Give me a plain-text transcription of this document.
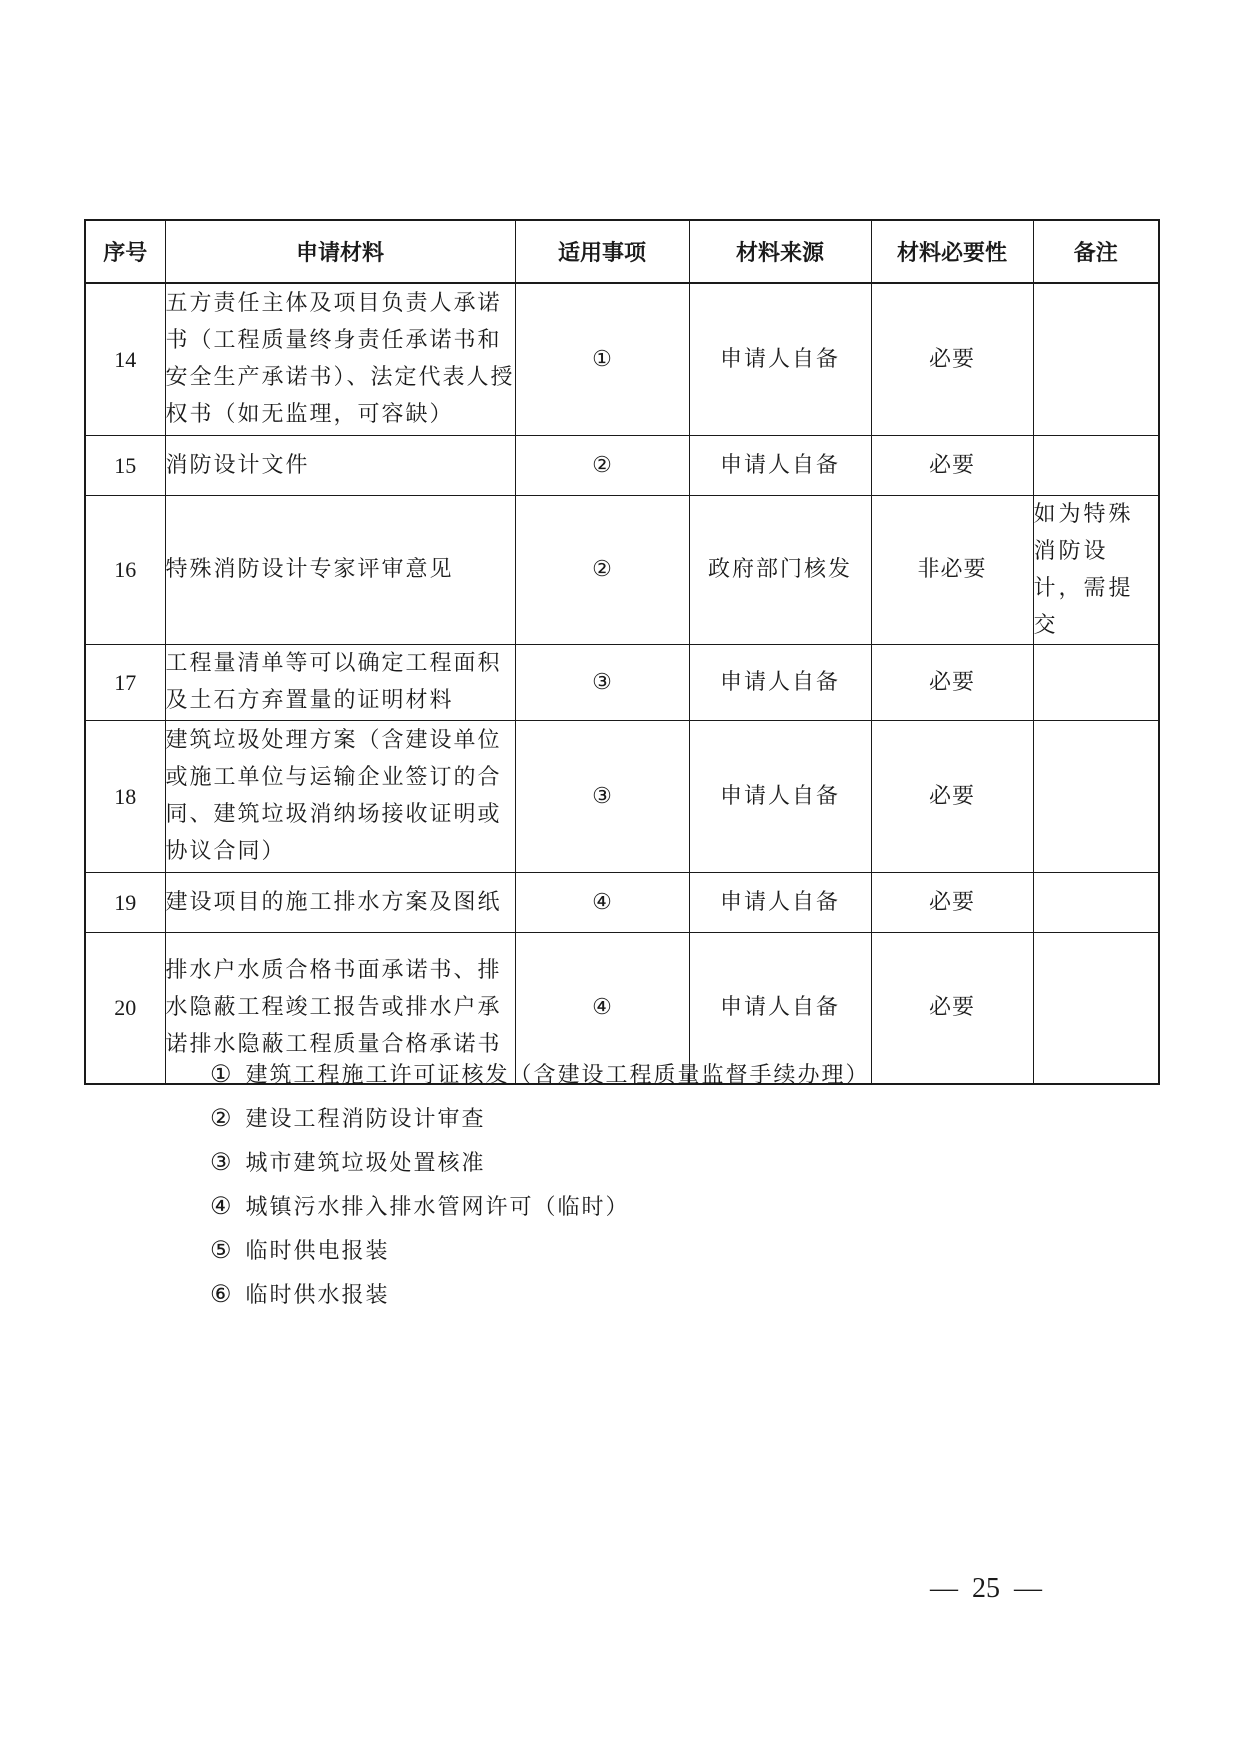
序号	申请材料	适用事项	材料来源	材料必要性	备注
14	五方责任主体及项目负责人承诺书（工程质量终身责任承诺书和安全生产承诺书）、法定代表人授权书（如无监理，可容缺）	①	申请人自备	必要	
15	消防设计文件	②	申请人自备	必要	
16	特殊消防设计专家评审意见	②	政府部门核发	非必要	如为特殊消防设计，需提交
17	工程量清单等可以确定工程面积及土石方弃置量的证明材料	③	申请人自备	必要	
18	建筑垃圾处理方案（含建设单位或施工单位与运输企业签订的合同、建筑垃圾消纳场接收证明或协议合同）	③	申请人自备	必要	
19	建设项目的施工排水方案及图纸	④	申请人自备	必要	
20	排水户水质合格书面承诺书、排水隐蔽工程竣工报告或排水户承诺排水隐蔽工程质量合格承诺书	④	申请人自备	必要	
① 建筑工程施工许可证核发（含建设工程质量监督手续办理）
② 建设工程消防设计审查
③ 城市建筑垃圾处置核准
④ 城镇污水排入排水管网许可（临时）
⑤ 临时供电报装
⑥ 临时供水报装
— 25 —
